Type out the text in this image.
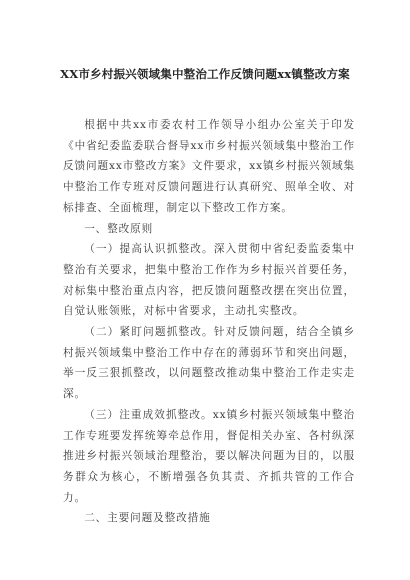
XX市乡村振兴领域集中整治工作反馈问题xx镇整改方案

根据中共xx市委农村工作领导小组办公室关于印发《中省纪委监委联合督导xx市乡村振兴领域集中整治工作反馈问题xx市整改方案》文件要求，xx镇乡村振兴领域集中整治工作专班对反馈问题进行认真研究、照单全收、对标排查、全面梳理，制定以下整改工作方案。

一、整改原则

（一）提高认识抓整改。深入贯彻中省纪委监委集中整治有关要求，把集中整治工作作为乡村振兴首要任务，对标集中整治重点内容，把反馈问题整改摆在突出位置，自觉认账领账，对标中省要求，主动扎实整改。

（二）紧盯问题抓整改。针对反馈问题，结合全镇乡村振兴领域集中整治工作中存在的薄弱环节和突出问题，举一反三狠抓整改，以问题整改推动集中整治工作走实走深。

（三）注重成效抓整改。xx镇乡村振兴领域集中整治工作专班要发挥统筹牵总作用，督促相关办室、各村纵深推进乡村振兴领域治理整治，要以解决问题为目的，以服务群众为核心，不断增强各负其责、齐抓共管的工作合力。

二、主要问题及整改措施
